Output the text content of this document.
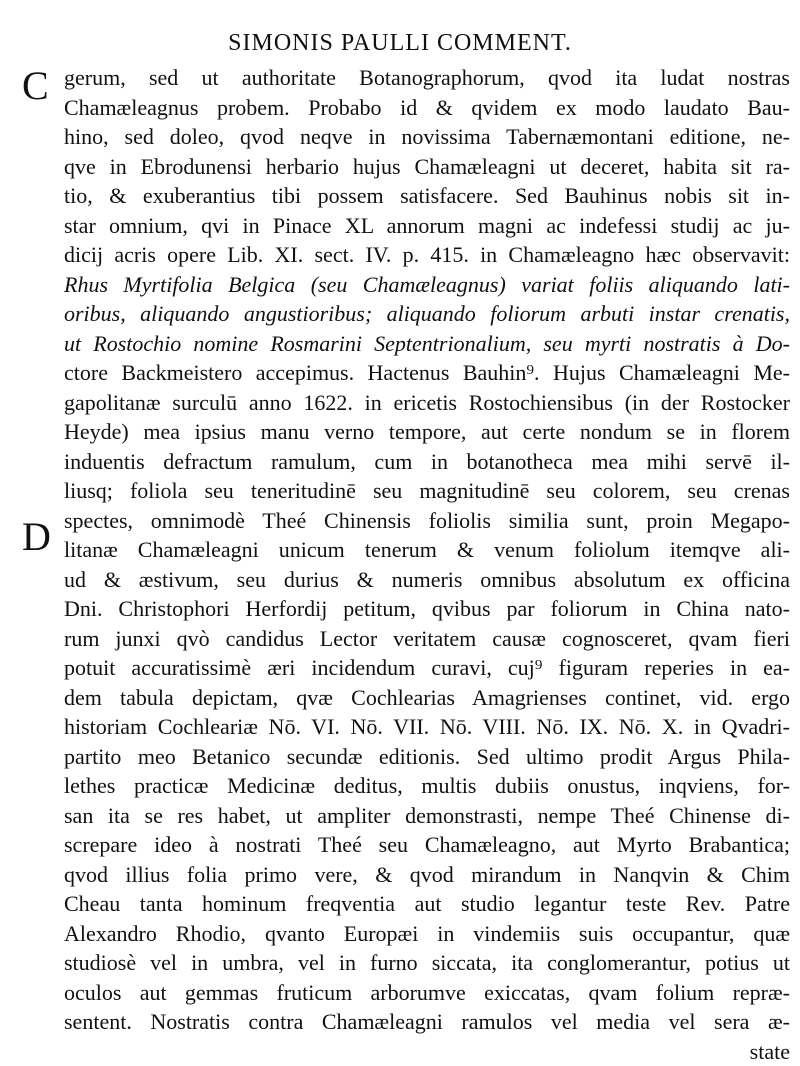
SIMONIS PAULLI COMMENT.
C
D
gerum, sed ut authoritate Botanographorum, qvod ita ludat nostras
Chamæleagnus probem. Probabo id & qvidem ex modo laudato Bau-
hino, sed doleo, qvod neqve in novissima Tabernæmontani editione, ne-
qve in Ebrodunensi herbario hujus Chamæleagni ut deceret, habita sit ra-
tio, & exuberantius tibi possem satisfacere. Sed Bauhinus nobis sit in-
star omnium, qvi in Pinace XL annorum magni ac indefessi studij ac ju-
dicij acris opere Lib. XI. sect. IV. p. 415. in Chamæleagno hæc observavit:
Rhus Myrtifolia Belgica (seu Chamæleagnus) variat foliis aliquando lati-
oribus, aliquando angustioribus; aliquando foliorum arbuti instar crenatis,
ut Rostochio nomine Rosmarini Septentrionalium, seu myrti nostratis à Do-
ctore Backmeistero accepimus. Hactenus Bauhin⁹. Hujus Chamæleagni Me-
gapolitanæ surculū anno 1622. in ericetis Rostochiensibus (in der Rostocker
Heyde) mea ipsius manu verno tempore, aut certe nondum se in florem
induentis defractum ramulum, cum in botanotheca mea mihi servē il-
liusq; foliola seu teneritudinē seu magnitudinē seu colorem, seu crenas
spectes, omnimodè Theé Chinensis foliolis similia sunt, proin Megapo-
litanæ Chamæleagni unicum tenerum & venum foliolum itemqve ali-
ud & æstivum, seu durius & numeris omnibus absolutum ex officina
Dni. Christophori Herfordij petitum, qvibus par foliorum in China nato-
rum junxi qvò candidus Lector veritatem causæ cognosceret, qvam fieri
potuit accuratissimè æri incidendum curavi, cuj⁹ figuram reperies in ea-
dem tabula depictam, qvæ Cochlearias Amagrienses continet, vid. ergo
historiam Cochleariæ Nō. VI. Nō. VII. Nō. VIII. Nō. IX. Nō. X. in Qvadri-
partito meo Betanico secundæ editionis. Sed ultimo prodit Argus Phila-
lethes practicæ Medicinæ deditus, multis dubiis onustus, inqviens, for-
san ita se res habet, ut ampliter demonstrasti, nempe Theé Chinense di-
screpare ideo à nostrati Theé seu Chamæleagno, aut Myrto Brabantica;
qvod illius folia primo vere, & qvod mirandum in Nanqvin & Chim
Cheau tanta hominum freqventia aut studio legantur teste Rev. Patre
Alexandro Rhodio, qvanto Europæi in vindemiis suis occupantur, quæ
studiosè vel in umbra, vel in furno siccata, ita conglomerantur, potius ut
oculos aut gemmas fruticum arborumve exiccatas, qvam folium repræ-
sentent. Nostratis contra Chamæleagni ramulos vel media vel sera æ-
state
